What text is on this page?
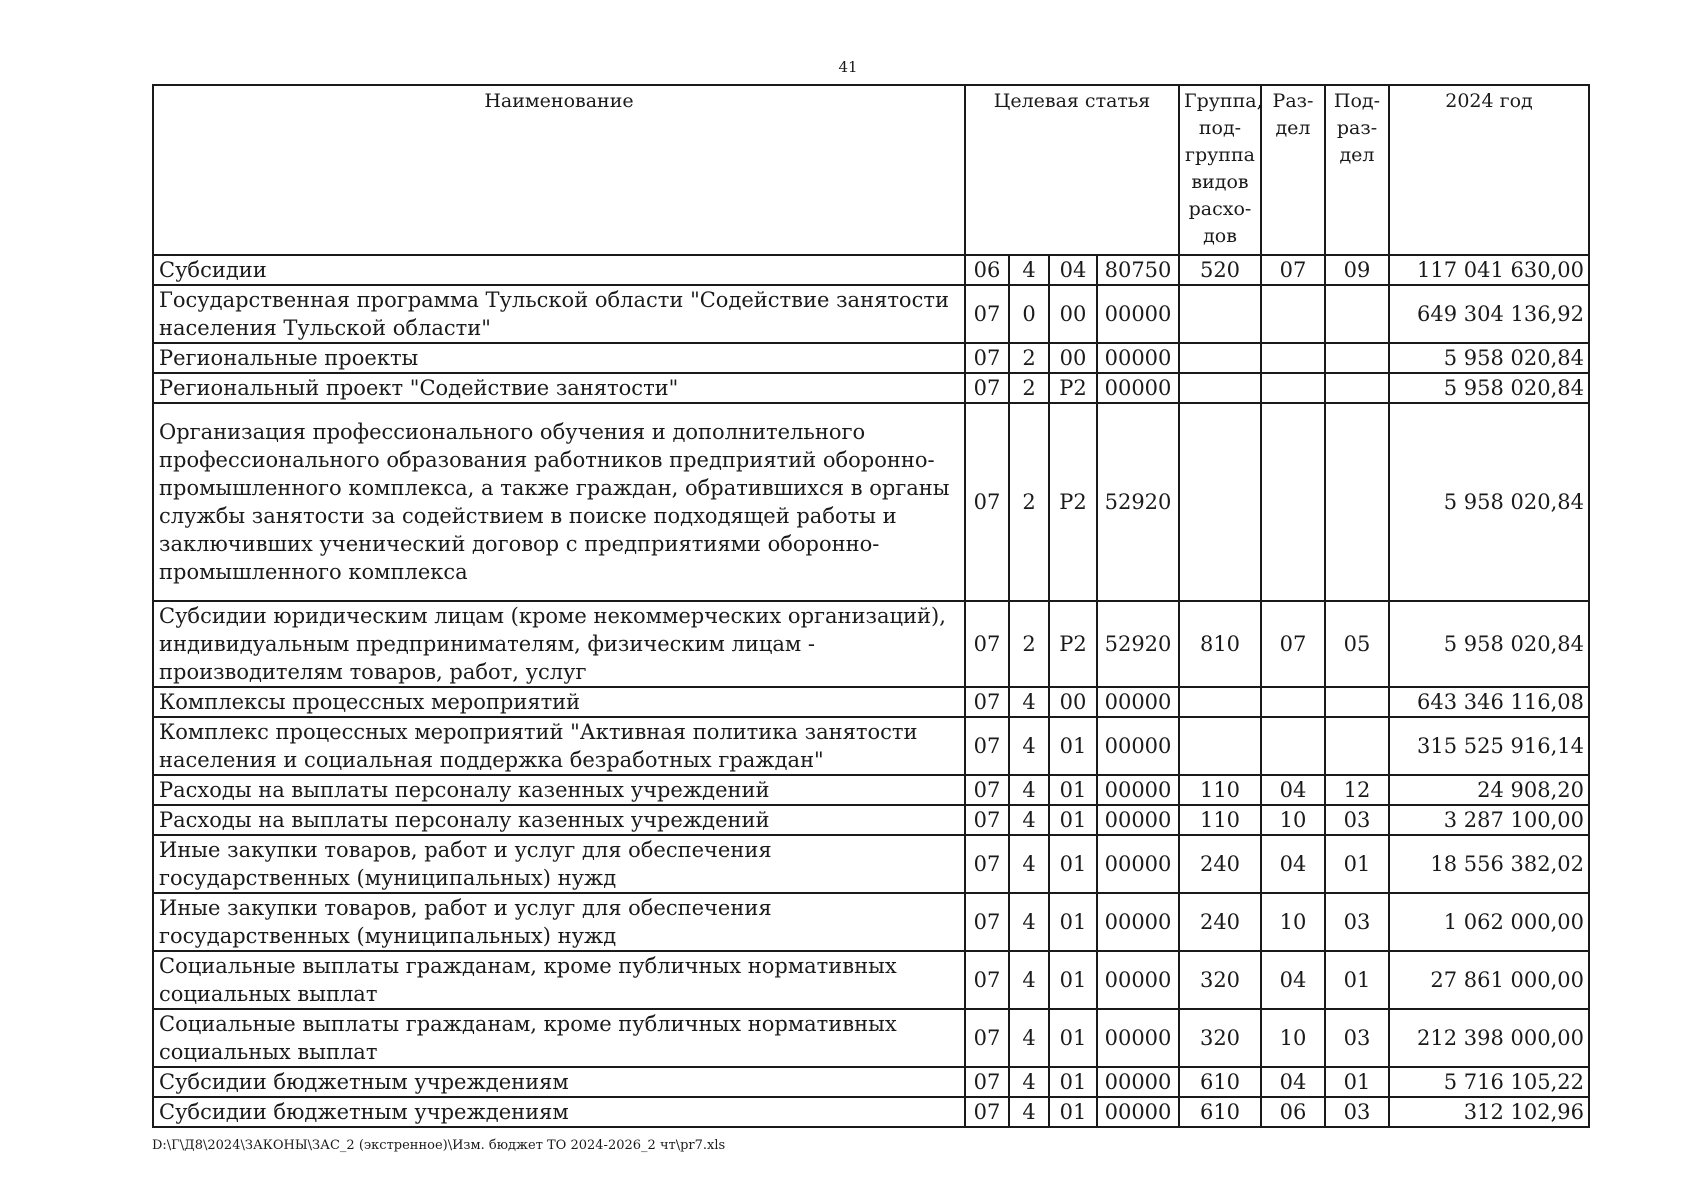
41
Наименование	Целевая статья				Группа, под-группа видов расхо-дов	Раз-дел	Под-раз-дел	2024 год
Субсидии	06	4	04	80750	520	07	09	117 041 630,00
Государственная программа Тульской области "Содействие занятости населения Тульской области"	07	0	00	00000				649 304 136,92
Региональные проекты	07	2	00	00000				5 958 020,84
Региональный проект "Содействие занятости"	07	2	Р2	00000				5 958 020,84
Организация профессионального обучения и дополнительного профессионального образования работников предприятий оборонно-промышленного комплекса, а также граждан, обратившихся в органы службы занятости за содействием в поиске подходящей работы и заключивших ученический договор с предприятиями оборонно-промышленного комплекса	07	2	Р2	52920				5 958 020,84
Субсидии юридическим лицам (кроме некоммерческих организаций), индивидуальным предпринимателям, физическим лицам - производителям товаров, работ, услуг	07	2	Р2	52920	810	07	05	5 958 020,84
Комплексы процессных мероприятий	07	4	00	00000				643 346 116,08
Комплекс процессных мероприятий "Активная политика занятости населения и социальная поддержка безработных граждан"	07	4	01	00000				315 525 916,14
Расходы на выплаты персоналу казенных учреждений	07	4	01	00000	110	04	12	24 908,20
Расходы на выплаты персоналу казенных учреждений	07	4	01	00000	110	10	03	3 287 100,00
Иные закупки товаров, работ и услуг для обеспечения государственных (муниципальных) нужд	07	4	01	00000	240	04	01	18 556 382,02
Иные закупки товаров, работ и услуг для обеспечения государственных (муниципальных) нужд	07	4	01	00000	240	10	03	1 062 000,00
Социальные выплаты гражданам, кроме публичных нормативных социальных выплат	07	4	01	00000	320	04	01	27 861 000,00
Социальные выплаты гражданам, кроме публичных нормативных социальных выплат	07	4	01	00000	320	10	03	212 398 000,00
Субсидии бюджетным учреждениям	07	4	01	00000	610	04	01	5 716 105,22
Субсидии бюджетным учреждениям	07	4	01	00000	610	06	03	312 102,96
D:\Г\Д8\2024\ЗАКОНЫ\ЗАС_2 (экстренное)\Изм. бюджет ТО 2024-2026_2 чт\pr7.xls
